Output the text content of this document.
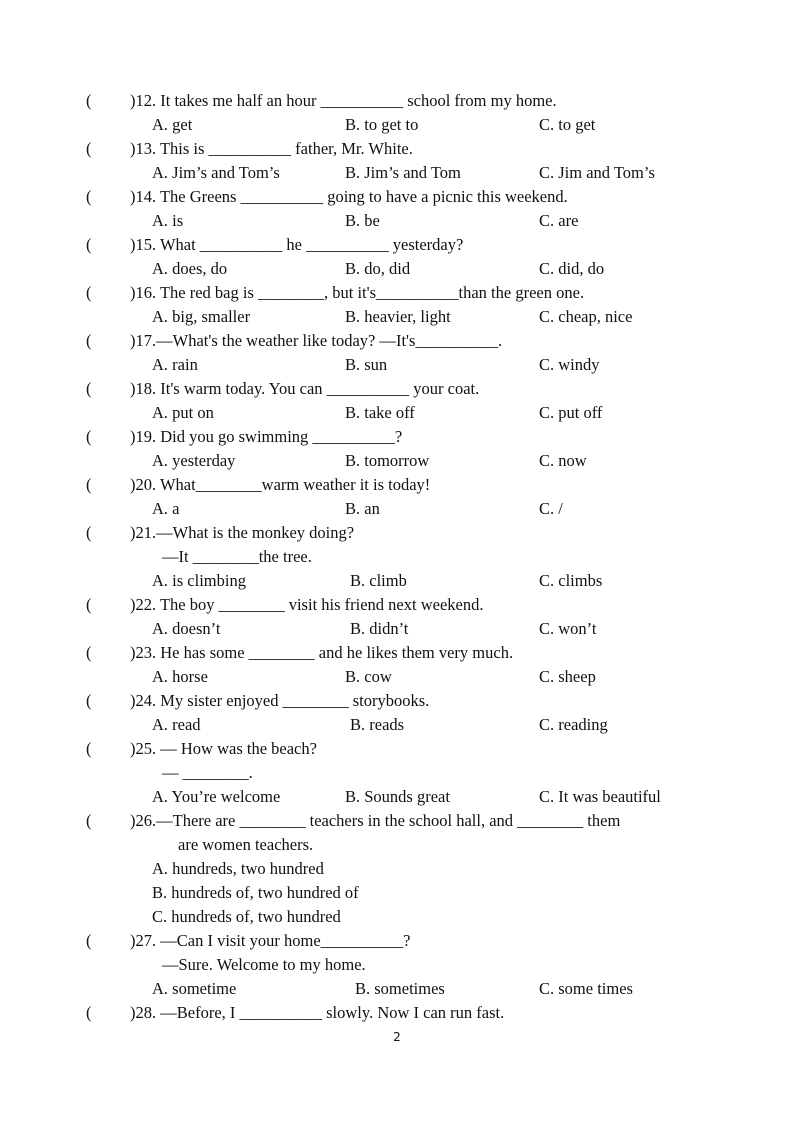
( )12. It takes me half an hour __________ school from my home.
A. get	B. to get to	C. to get
( )13. This is __________ father, Mr. White.
A. Jim’s and Tom’s	B. Jim’s and Tom	C. Jim and Tom’s
( )14. The Greens __________ going to have a picnic this weekend.
A. is	B. be	C. are
( )15. What __________ he __________ yesterday?
A. does, do	B. do, did	C. did, do
( )16. The red bag is ________, but it's__________than the green one.
A. big, smaller	B. heavier, light	C. cheap, nice
( )17.—What's the weather like today? —It's__________.
A. rain	B. sun	C. windy
( )18. It's warm today. You can __________ your coat.
A. put on	B. take off	C. put off
( )19. Did you go swimming __________?
A. yesterday	B. tomorrow	C. now
( )20. What________warm weather it is today!
A. a	B. an	C. /
( )21.—What is the monkey doing?
—It ________the tree.
A. is climbing	B. climb	C. climbs
( )22. The boy ________ visit his friend next weekend.
A. doesn’t	B. didn’t	C. won’t
( )23. He has some ________ and he likes them very much.
A. horse	B. cow	C. sheep
( )24. My sister enjoyed ________ storybooks.
A. read	B. reads	C. reading
( )25. — How was the beach?
— ________.
A. You’re welcome	B. Sounds great	C. It was beautiful
( )26.—There are ________ teachers in the school hall, and ________ them
are women teachers.
A. hundreds, two hundred
B. hundreds of, two hundred of
C. hundreds of, two hundred
( )27. —Can I visit your home__________?
—Sure. Welcome to my home.
A. sometime	B. sometimes	C. some times
( )28. —Before, I __________ slowly. Now I can run fast.
2
